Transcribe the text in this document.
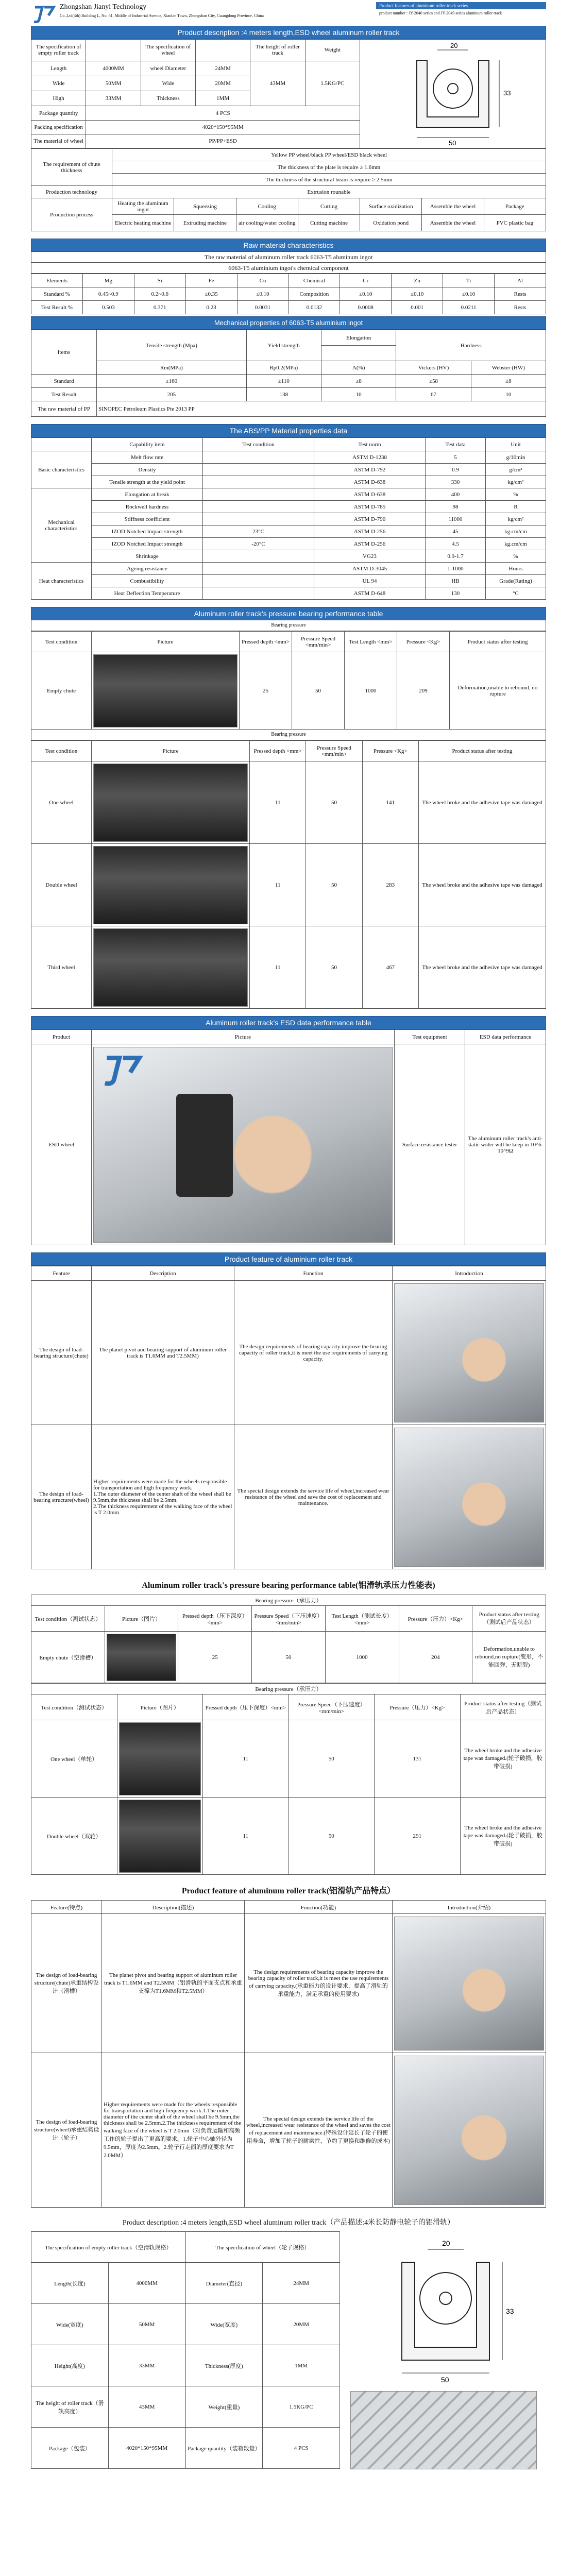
Zhongshan Jianyi Technology
Co.,Ltd(4th) Building L, No. 61, Middle of Industrial Avenue, Xiaolan Town, Zhongshan City, Guangdong Province, China
Product features of aluminum roller track series
product number : JY-2040 series and JY-2049 series aluminum roller track
Product description :4 meters length,ESD wheel aluminum roller track
The specification of empty roller track		The specification of wheel		The height of roller track	Weight
Length	4000MM	wheel Diameter	24MM	43MM	1.5KG/PC
Wide	50MM	Wide	20MM		
High	33MM	Thickness	1MM		
Package quantity	4 PCS				
Packing specification	4020*150*95MM				
The material of wheel	PP/PP+ESD				
20
33
50
The requirement of chute thickness	Yellow PP wheel/black PP wheel/ESD black wheel						
	The thickness of the plate is require ≥ 1.6mm						
	The thickness of the structural beam is require ≥ 2.5mm						
Production technology	Extrusion rounable						
Production process	Heating the aluminum ingot	Squeezing	Cooling	Cutting	Surface oxidization	Assemble the wheel	Package
	Electric heating machine	Extruding machine	air cooling/water cooling	Cutting machine	Oxidation pond	Assemble the wheel	PVC plastic bag
Raw material characteristics
The raw material of aluminum roller track 6063-T5 aluminum ingot
6063-T5 aluminium ingot's chemical component
Elements	Mg	Si	Fe	Cu	Chemical	Cr	Zn	Ti	Al
Standard %	0.45~0.9	0.2~0.6	≤0.35	≤0.10	Composition	≤0.10	≤0.10	≤0.10	Rests
Test Result %	0.503	0.371	0.23	0.0031	0.0132	0.0008	0.001	0.0211	Rests
Mechanical properties of 6063-T5 aluminium ingot
Items	Tensile strength (Mpa)	Yield strength	Elongation	Hardness	

	Rm(MPa)	Rp0.2(MPa)	A(%)	Vickers (HV)	Webster (HW)
Standard	≥160	≥110	≥8	≥58	≥8
Test Result	205	138	10	67	10
The raw material of PP	SINOPEC Petroleum Plastics Pte 2013 PP				
The ABS/PP Material properties data
	Capability item	Test condition	Test norm	Test data	Unit
Basic characteristics	Melt flow rate		ASTM D-1238	5	g/10min
	Density		ASTM D-792	0.9	g/cm³
	Tensile strength at the yield point		ASTM D-638	330	kg/cm²
Mechanical characteristics	Elongation at break		ASTM D-638	400	%
	Rockwell hardness		ASTM D-785	98	R
	Stiffness coefficient		ASTM D-790	11000	kg/cm²
	IZOD Notched Impact strength	23°C	ASTM D-256	45	kg.cm/cm
	IZOD Notched Impact strength	-20°C	ASTM D-256	4.5	kg.cm/cm
	Shrinkage		VG23	0.9-1.7	%
Heat characteristics	Ageing resistance		ASTM D-3045	1-1000	Hours
	Combustibility		UL 94	HB	Grade(Rating)
	Heat Deflection Temperature		ASTM D-648	130	°C
Aluminum roller track's pressure bearing performance table
Bearing pressure
Test condition	Picture	Pressed depth <mm>	Pressure Speed <mm/min>	Test Length <mm>	Pressure <Kg>	Product status after testing
Empty chute		25	50	1000	209	Deformation,unable to rebound, no rupture
Bearing pressure
Test condition	Picture	Pressed depth <mm>	Pressure Speed <mm/min>	Pressure <Kg>	Product status after testing
One wheel		11	50	141	The wheel broke and the adhesive tape was damaged
Double wheel		11	50	283	The wheel broke and the adhesive tape was damaged
Third wheel		11	50	467	The wheel broke and the adhesive tape was damaged
Aluminum roller track's ESD data performance table
Product	Picture	Test equipment	ESD data performance
ESD wheel		Surface resistance tester	The aluminum roller track's anti-static wider will be keep in 10^6-10^9Ω
Product feature of aluminium roller track
Feature	Description	Function	Introduction
The design of load-bearing structure(chute)	The planet pivot and bearing support of aluminum roller track is T1.6MM and T2.5MM)	The design requirements of bearing capacity improve the bearing capacity of roller track,it is meet the use requirements of carrying capacity.	

The design of load-bearing structure(wheel)	Higher requirements were made for the wheels responsible for transportation and high frequency work.
1.The outer diameter of the center shaft of the wheel shall be 9.5mm,the thickness shall be 2.5mm.
2.The thickness requirement of the walking face of the wheel is T 2.0mm	The special design extends the service life of wheel,increased wear resistance of the wheel and save the cost of replacement and maintenance.	
Aluminum roller track's pressure bearing performance table(铝滑轨承压力性能表)
Bearing pressure（承压力）						
Test condition（测试状态）	Picture（图片）	Pressed depth（压下深度）<mm>	Pressure Speed（下压速度）<mm/min>	Test Length（测试长度）<mm>	Pressure（压力）<Kg>	Product status after testing（测试后产品状态）
Empty chute（空滑槽）		25	50	1000	204	Deformation,unable to rebound,no rupture(变形，不能回弹，无断裂)
Bearing pressure（承压力）					
Test condition（测试状态）	Picture（图片）	Pressed depth（压下深度）<mm>	Pressure Speed（下压速度）<mm/min>	Pressure（压力）<Kg>	Product status after testing（测试后产品状态）
One wheel（单轮）		11	50	131	The wheel broke and the adhesive tape was damaged.(轮子破损，胶带破损)
Double wheel（双轮）		11	50	291	The wheel broke and the adhesive tape was damaged.(轮子破损，胶带破损)
Product feature of aluminum roller track(铝滑轨产品特点）
Feature(特点)	Description(描述)	Function(功能)	Introduction(介绍)
The design of load-bearing structure(chute)承重结构设计（滑槽）	The planet pivot and bearing support of aluminum roller track is T1.6MM and T2.5MM（铝滑轨的平面支点和承重支撑为T1.6MM和T2.5MM）	The design requirements of bearing capacity improve the bearing capacity of roller track,it is meet the use requirements of carrying capacity.(承重能力的设计要求，提高了滑轨的承重能力，满足承重的使用要求)	

The design of load-bearing structure(wheel)承重结构设计（轮子）	Higher requirements were made for the wheels responsible for transportation and high frequency work.1.The outer diameter of the center shaft of the wheel shall be 9.5mm,the thickness shall be 2.5mm.2.The thickness requirement of the walking face of the wheel is T 2.0mm（对负责运输和高频工作的轮子提出了更高的要求。1.轮子中心轴外径为9.5mm，厚度为2.5mm。2.轮子行走面的厚度要求为T 2.0MM）	The special design extends the service life of the wheel,increased wear resistance of the wheel and saves the cost of replacement and maintenance.(特殊设计延长了轮子的使用寿命，增加了轮子的耐磨性，节约了更换和维修的成本)	
Product description :4 meters length,ESD wheel aluminum roller track（产品描述:4米长防静电轮子的铝滑轨）
The specification of empty roller track（空滑轨规格）		The specification of wheel（轮子规格）	
Length(长度)	4000MM	Diameter(直径)	24MM
Wide(宽度)	50MM	Wide(宽度)	20MM
Height(高度)	33MM	Thickness(厚度)	1MM
The height of roller track（滑轨高度）	43MM	Weight(重量)	1.5KG/PC
Package（包装）	4020*150*95MM	Package quantity（装箱数量）	4 PCS
20
33
50
